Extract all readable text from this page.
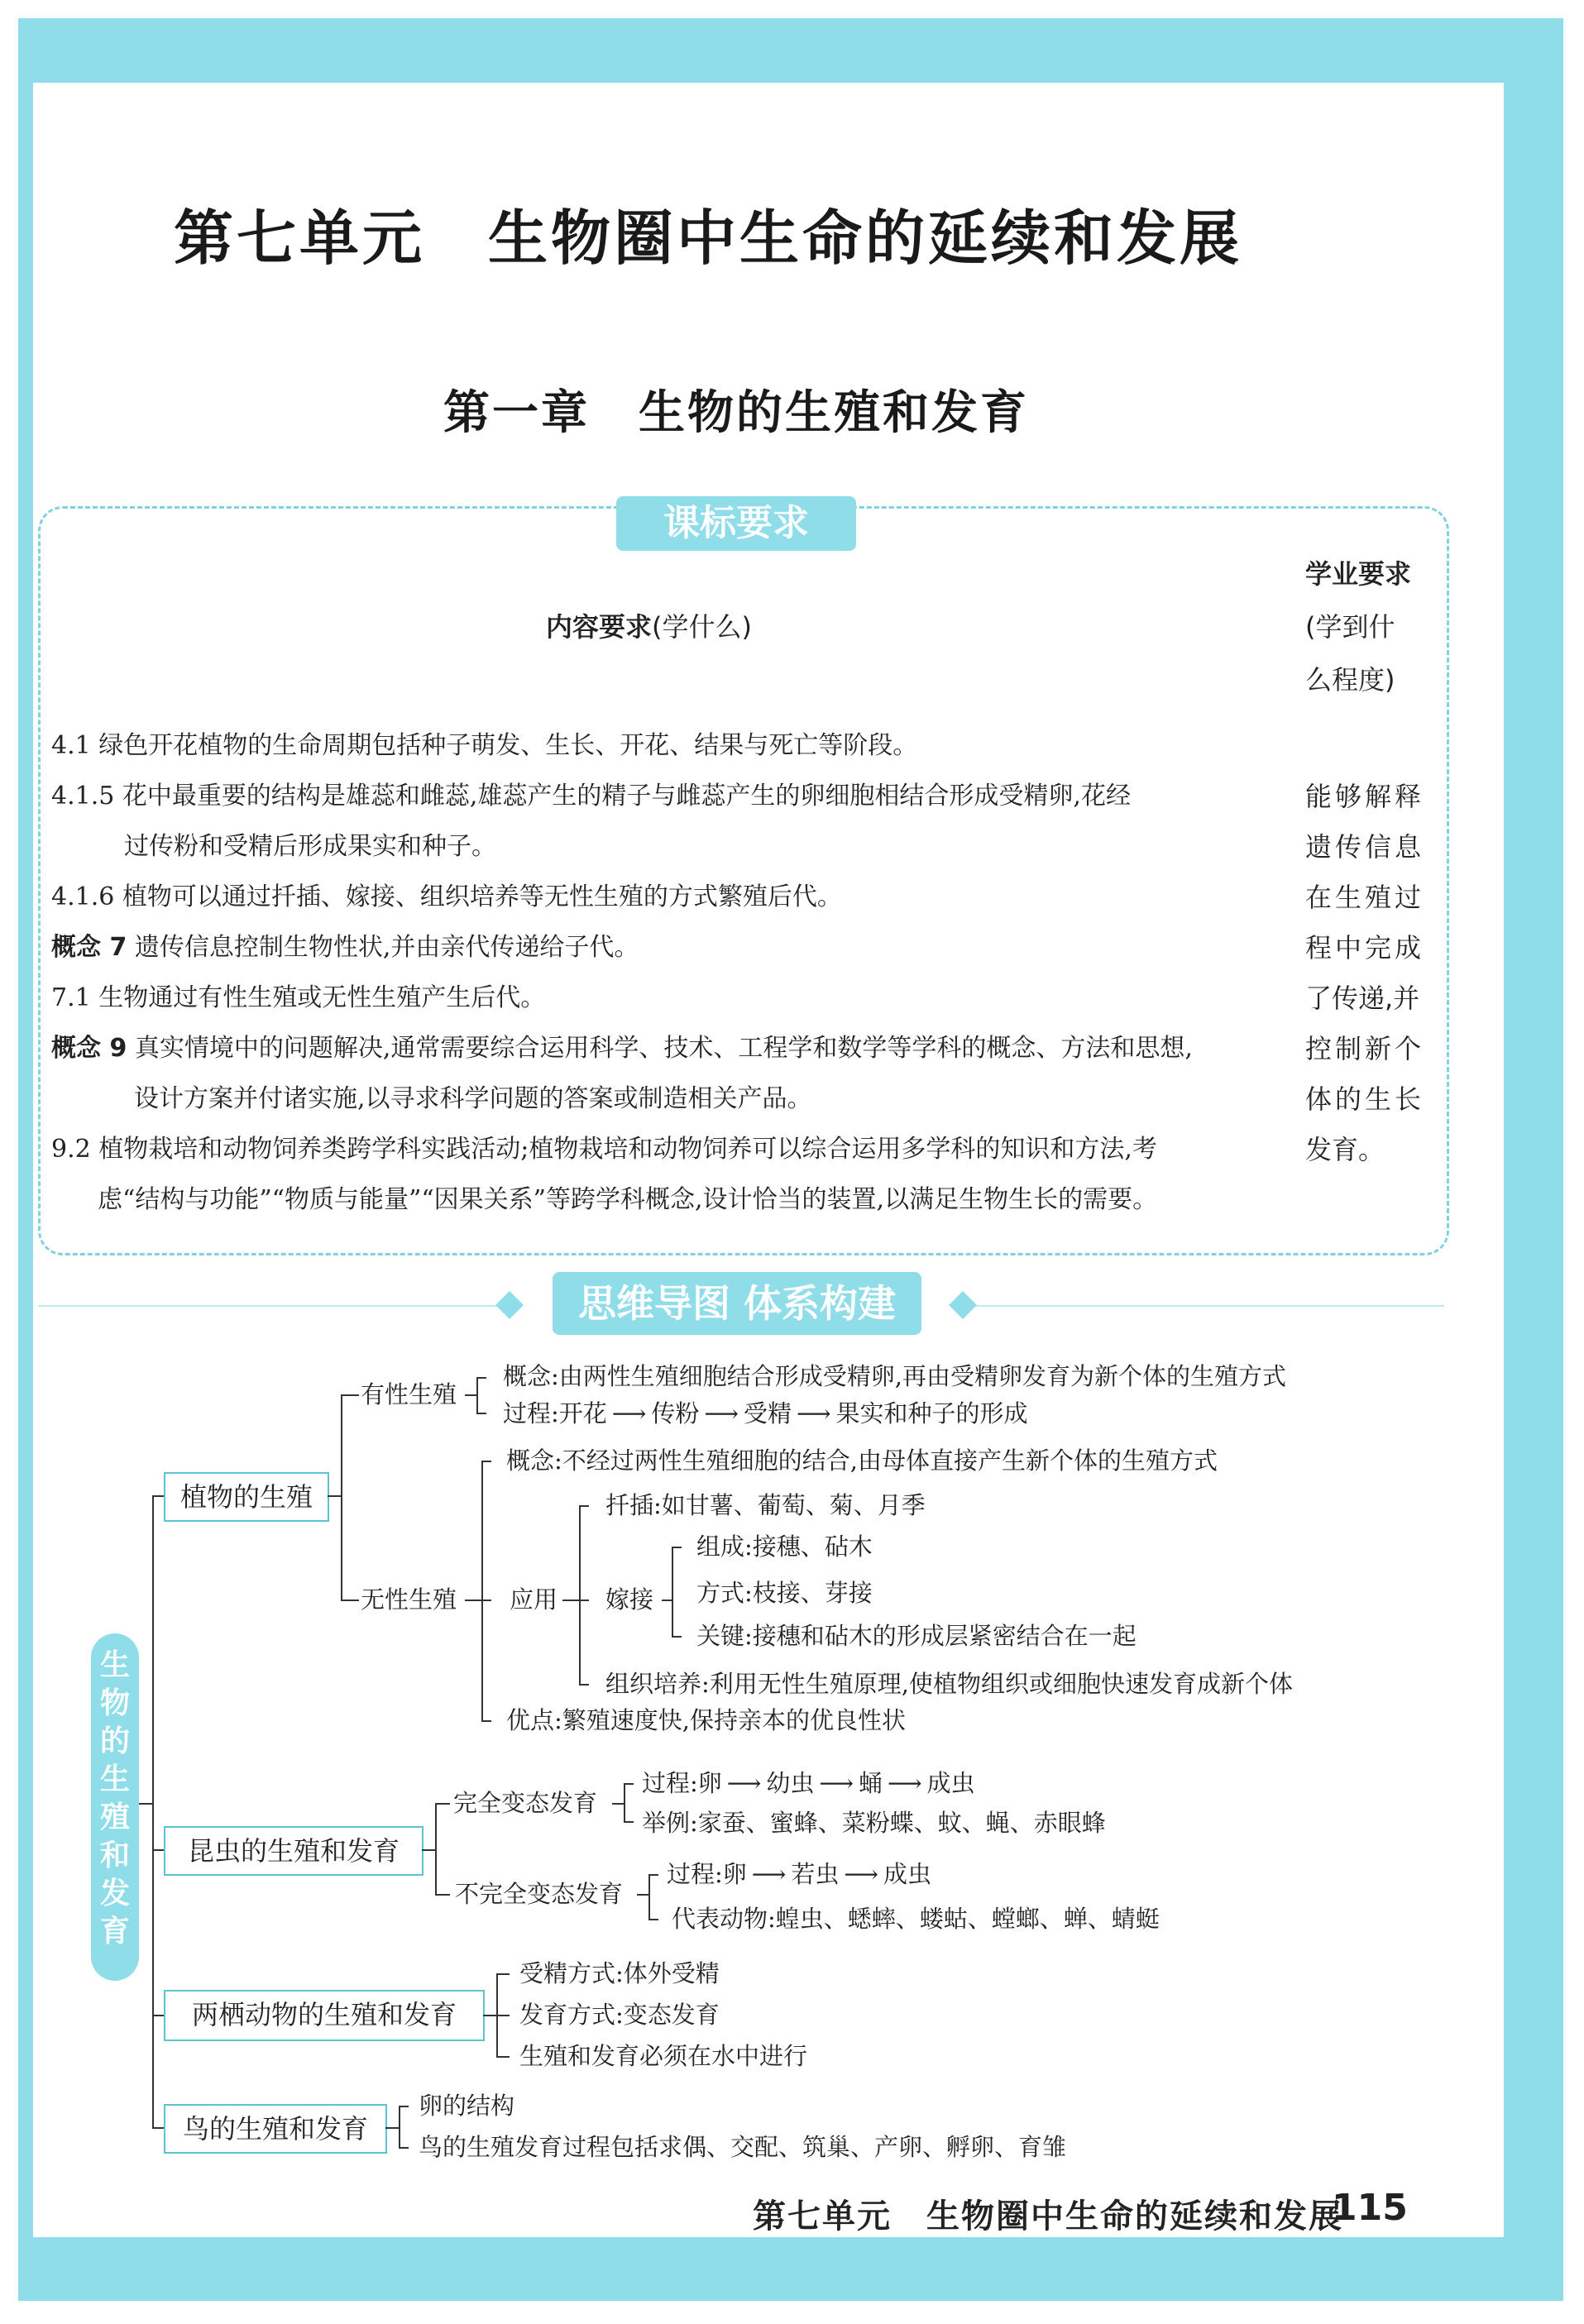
第七单元　生物圈中生命的延续和发展
第一章　生物的生殖和发育
课标要求
学业要求
(学到什
么程度)
内容要求(学什么)
4.1 绿色开花植物的生命周期包括种子萌发、生长、开花、结果与死亡等阶段。
4.1.5 花中最重要的结构是雄蕊和雌蕊,雄蕊产生的精子与雌蕊产生的卵细胞相结合形成受精卵,花经
过传粉和受精后形成果实和种子。
4.1.6 植物可以通过扦插、嫁接、组织培养等无性生殖的方式繁殖后代。
概念 7 遗传信息控制生物性状,并由亲代传递给子代。
7.1 生物通过有性生殖或无性生殖产生后代。
概念 9 真实情境中的问题解决,通常需要综合运用科学、技术、工程学和数学等学科的概念、方法和思想,
设计方案并付诸实施,以寻求科学问题的答案或制造相关产品。
9.2 植物栽培和动物饲养类跨学科实践活动;植物栽培和动物饲养可以综合运用多学科的知识和方法,考
虑“结构与功能”“物质与能量”“因果关系”等跨学科概念,设计恰当的装置,以满足生物生长的需要。
能够解释
遗传信息
在生殖过
程中完成
了传递,并
控制新个
体的生长
发育。
思维导图 体系构建
生
物
的
生
殖
和
发
育
植物的生殖
有性生殖
概念:由两性生殖细胞结合形成受精卵,再由受精卵发育为新个体的生殖方式
过程:开花 ⟶ 传粉 ⟶ 受精 ⟶ 果实和种子的形成
无性生殖
概念:不经过两性生殖细胞的结合,由母体直接产生新个体的生殖方式
应用
扦插:如甘薯、葡萄、菊、月季
嫁接
组成:接穗、砧木
方式:枝接、芽接
关键:接穗和砧木的形成层紧密结合在一起
组织培养:利用无性生殖原理,使植物组织或细胞快速发育成新个体
优点:繁殖速度快,保持亲本的优良性状
昆虫的生殖和发育
完全变态发育
过程:卵 ⟶ 幼虫 ⟶ 蛹 ⟶ 成虫
举例:家蚕、蜜蜂、菜粉蝶、蚊、蝇、赤眼蜂
不完全变态发育
过程:卵 ⟶ 若虫 ⟶ 成虫
代表动物:蝗虫、蟋蟀、蝼蛄、螳螂、蝉、蜻蜓
两栖动物的生殖和发育
受精方式:体外受精
发育方式:变态发育
生殖和发育必须在水中进行
鸟的生殖和发育
卵的结构
鸟的生殖发育过程包括求偶、交配、筑巢、产卵、孵卵、育雏
第七单元　生物圈中生命的延续和发展
115
